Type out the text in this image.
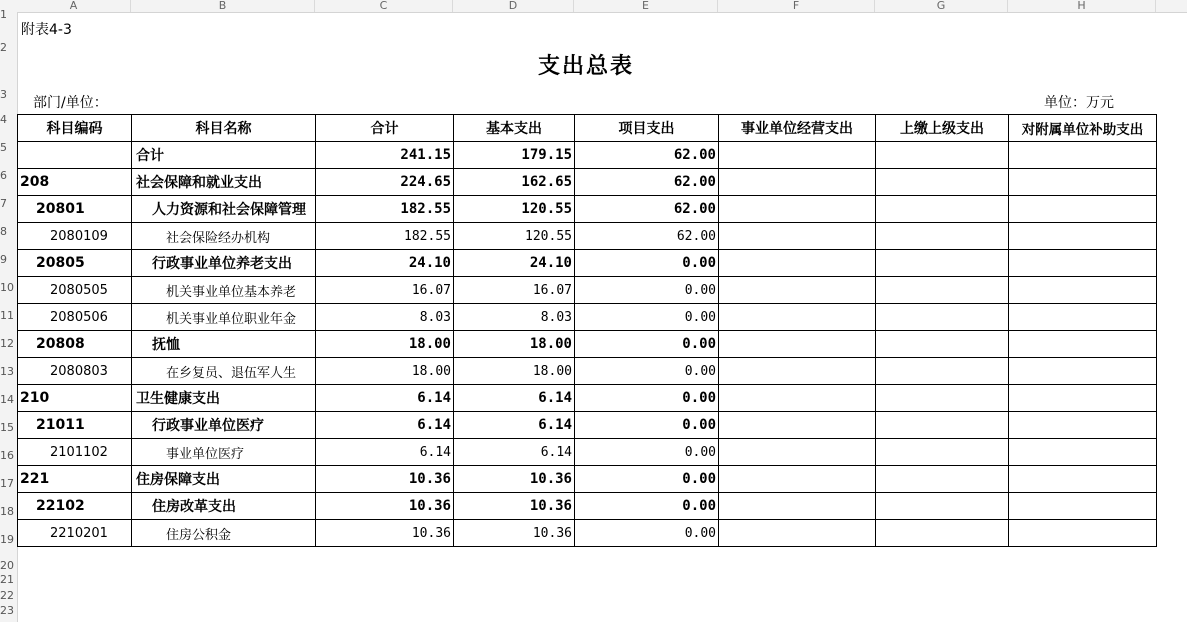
A	B	C	D	E	F	G	H
1
2
3
4
5
6
7
8
9
10
11
12
13
14
15
16
17
18
19
20
21
22
23
附表4-3
支出总表
部门/单位：	单位：万元
科目编码	科目名称	合计	基本支出	项目支出	事业单位经营支出	上缴上级支出	对附属单位补助支出
	合计	241.15	179.15	62.00			
208	社会保障和就业支出	224.65	162.65	62.00			
20801	人力资源和社会保障管理	182.55	120.55	62.00			
2080109	社会保险经办机构	182.55	120.55	62.00			
20805	行政事业单位养老支出	24.10	24.10	0.00			
2080505	机关事业单位基本养老	16.07	16.07	0.00			
2080506	机关事业单位职业年金	8.03	8.03	0.00			
20808	抚恤	18.00	18.00	0.00			
2080803	在乡复员、退伍军人生	18.00	18.00	0.00			
210	卫生健康支出	6.14	6.14	0.00			
21011	行政事业单位医疗	6.14	6.14	0.00			
2101102	事业单位医疗	6.14	6.14	0.00			
221	住房保障支出	10.36	10.36	0.00			
22102	住房改革支出	10.36	10.36	0.00			
2210201	住房公积金	10.36	10.36	0.00			
